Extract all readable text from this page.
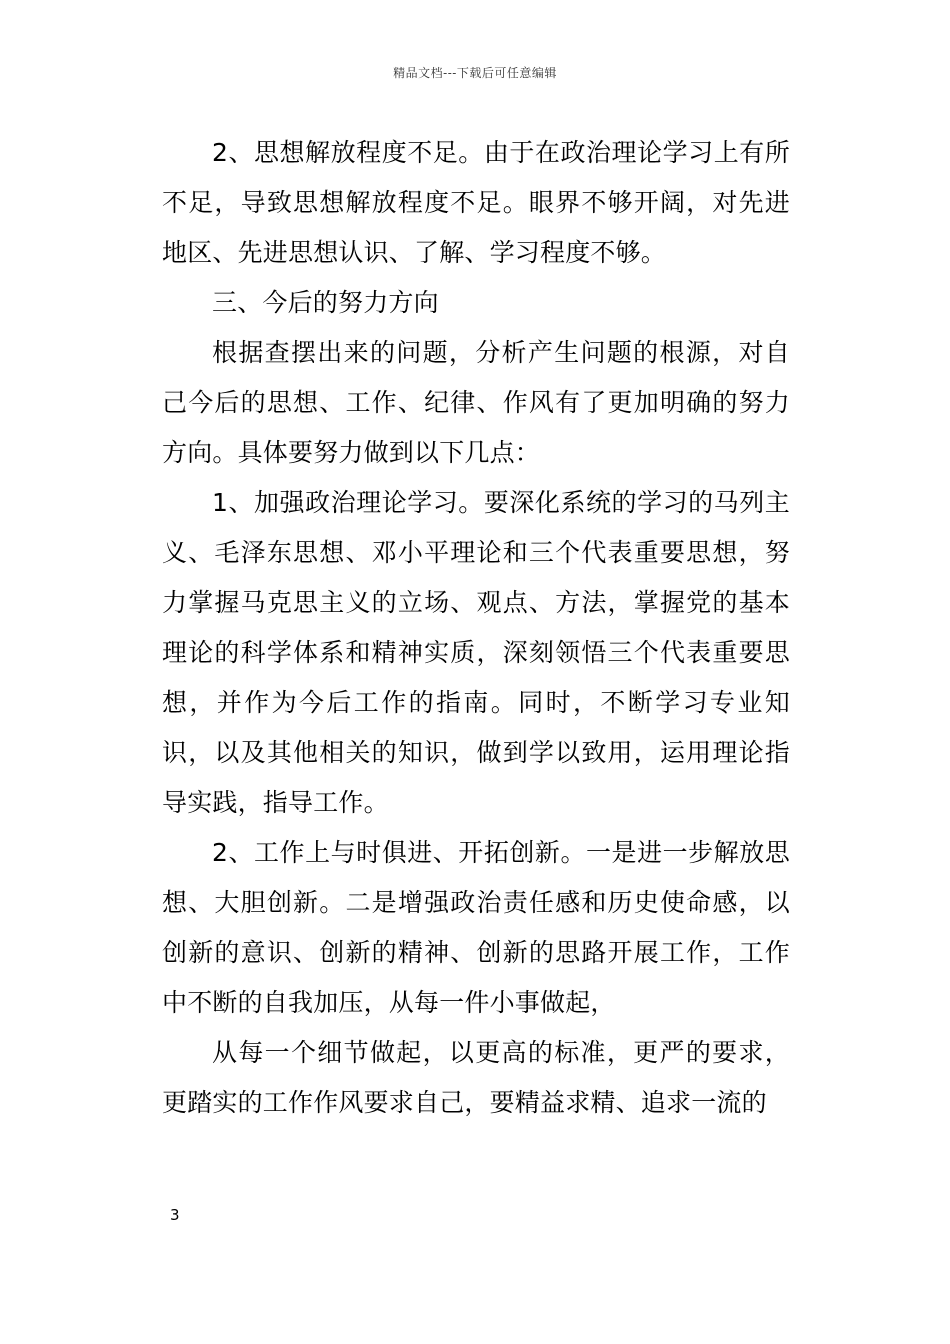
精品文档---下载后可任意编辑

2、思想解放程度不足。由于在政治理论学习上有所不足，导致思想解放程度不足。眼界不够开阔，对先进地区、先进思想认识、了解、学习程度不够。

三、今后的努力方向

根据查摆出来的问题，分析产生问题的根源，对自己今后的思想、工作、纪律、作风有了更加明确的努力方向。具体要努力做到以下几点：

1、加强政治理论学习。要深化系统的学习的马列主义、毛泽东思想、邓小平理论和三个代表重要思想，努力掌握马克思主义的立场、观点、方法，掌握党的基本理论的科学体系和精神实质，深刻领悟三个代表重要思想，并作为今后工作的指南。同时，不断学习专业知识，以及其他相关的知识，做到学以致用，运用理论指导实践，指导工作。

2、工作上与时俱进、开拓创新。一是进一步解放思想、大胆创新。二是增强政治责任感和历史使命感，以创新的意识、创新的精神、创新的思路开展工作，工作中不断的自我加压，从每一件小事做起，

从每一个细节做起，以更高的标准，更严的要求，更踏实的工作作风要求自己，要精益求精、追求一流的

3
